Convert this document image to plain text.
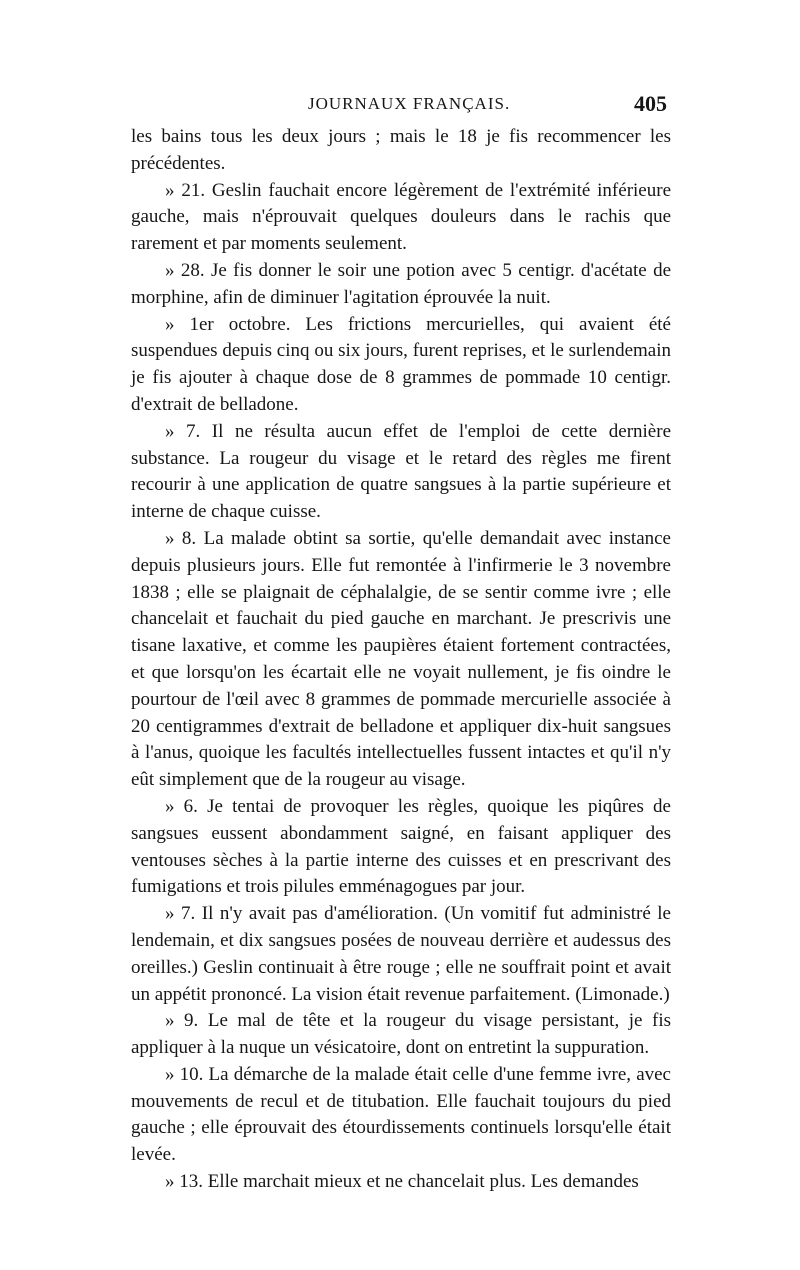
JOURNAUX FRANÇAIS.	405

les bains tous les deux jours ; mais le 18 je fis recommencer les précédentes.

» 21. Geslin fauchait encore légèrement de l'extrémité inférieure gauche, mais n'éprouvait quelques douleurs dans le rachis que rarement et par moments seulement.

» 28. Je fis donner le soir une potion avec 5 centigr. d'acétate de morphine, afin de diminuer l'agitation éprouvée la nuit.

» 1er octobre. Les frictions mercurielles, qui avaient été suspendues depuis cinq ou six jours, furent reprises, et le surlendemain je fis ajouter à chaque dose de 8 grammes de pommade 10 centigr. d'extrait de belladone.

» 7. Il ne résulta aucun effet de l'emploi de cette dernière substance. La rougeur du visage et le retard des règles me firent recourir à une application de quatre sangsues à la partie supérieure et interne de chaque cuisse.

» 8. La malade obtint sa sortie, qu'elle demandait avec instance depuis plusieurs jours. Elle fut remontée à l'infirmerie le 3 novembre 1838 ; elle se plaignait de céphalalgie, de se sentir comme ivre ; elle chancelait et fauchait du pied gauche en marchant. Je prescrivis une tisane laxative, et comme les paupières étaient fortement contractées, et que lorsqu'on les écartait elle ne voyait nullement, je fis oindre le pourtour de l'œil avec 8 grammes de pommade mercurielle associée à 20 centigrammes d'extrait de belladone et appliquer dix-huit sangsues à l'anus, quoique les facultés intellectuelles fussent intactes et qu'il n'y eût simplement que de la rougeur au visage.

» 6. Je tentai de provoquer les règles, quoique les piqûres de sangsues eussent abondamment saigné, en faisant appliquer des ventouses sèches à la partie interne des cuisses et en prescrivant des fumigations et trois pilules emménagogues par jour.

» 7. Il n'y avait pas d'amélioration. (Un vomitif fut administré le lendemain, et dix sangsues posées de nouveau derrière et audessus des oreilles.) Geslin continuait à être rouge ; elle ne souffrait point et avait un appétit prononcé. La vision était revenue parfaitement. (Limonade.)

» 9. Le mal de tête et la rougeur du visage persistant, je fis appliquer à la nuque un vésicatoire, dont on entretint la suppuration.

» 10. La démarche de la malade était celle d'une femme ivre, avec mouvements de recul et de titubation. Elle fauchait toujours du pied gauche ; elle éprouvait des étourdissements continuels lorsqu'elle était levée.

» 13. Elle marchait mieux et ne chancelait plus. Les demandes
